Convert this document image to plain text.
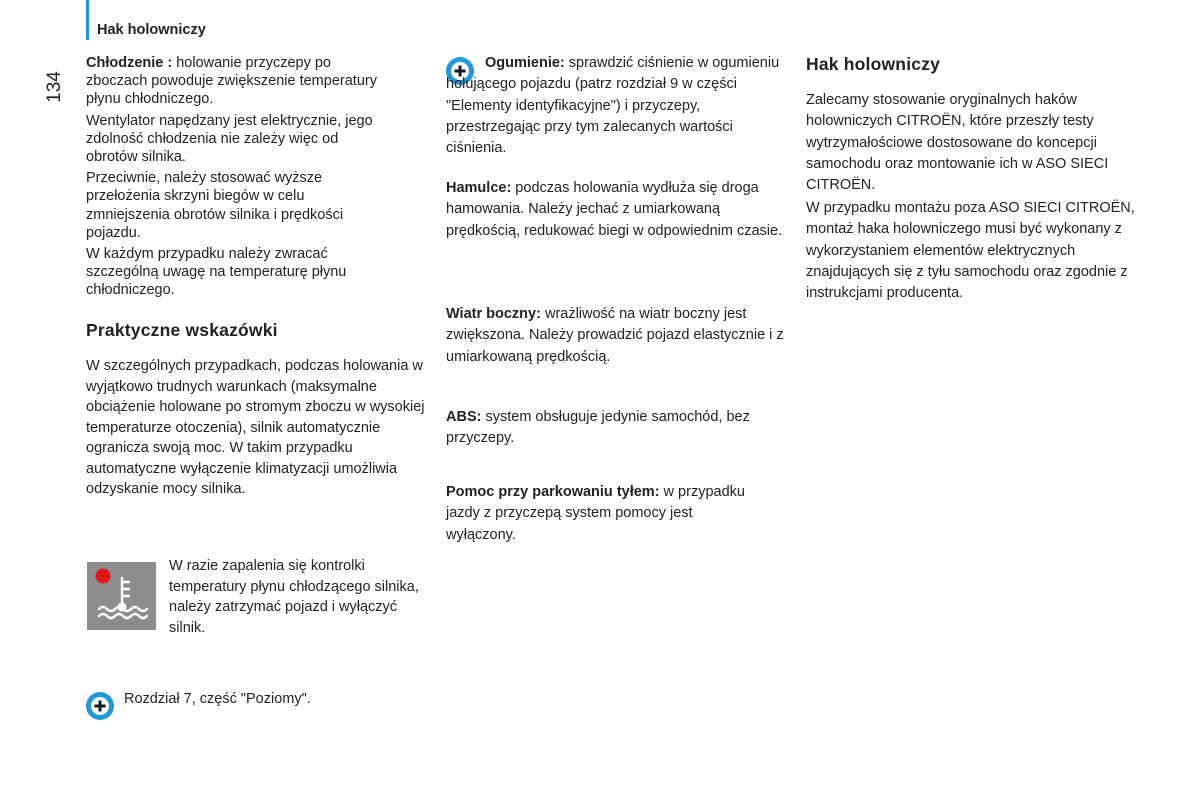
Hak holowniczy
134

Chłodzenie : holowanie przyczepy po zboczach powoduje zwiększenie temperatury płynu chłodniczego.

Wentylator napędzany jest elektrycznie, jego zdolność chłodzenia nie zależy więc od obrotów silnika.

Przeciwnie, należy stosować wyższe przełożenia skrzyni biegów w celu zmniejszenia obrotów silnika i prędkości pojazdu.

W każdym przypadku należy zwracać szczególną uwagę na temperaturę płynu chłodniczego.

Praktyczne wskazówki
W szczególnych przypadkach, podczas holowania w wyjątkowo trudnych warunkach (maksymalne obciążenie holowane po stromym zboczu w wysokiej temperaturze otoczenia), silnik automatycznie ogranicza swoją moc. W takim przypadku automatyczne wyłączenie klimatyzacji umożliwia odzyskanie mocy silnika.
W razie zapalenia się kontrolki temperatury płynu chłodzącego silnika, należy zatrzymać pojazd i wyłączyć silnik.
Rozdział 7, część "Poziomy".
Ogumienie: sprawdzić ciśnienie w ogumieniu holującego pojazdu (patrz rozdział 9 w części "Elementy identyfikacyjne") i przyczepy, przestrzegając przy tym zalecanych wartości ciśnienia.
Hamulce: podczas holowania wydłuża się droga hamowania. Należy jechać z umiarkowaną prędkością, redukować biegi w odpowiednim czasie.
Wiatr boczny: wrażliwość na wiatr boczny jest zwiększona. Należy prowadzić pojazd elastycznie i z umiarkowaną prędkością.
ABS: system obsługuje jedynie samochód, bez przyczepy.
Pomoc przy parkowaniu tyłem: w przypadku jazdy z przyczepą system pomocy jest wyłączony.
Hak holowniczy
Zalecamy stosowanie oryginalnych haków holowniczych CITROËN, które przeszły testy wytrzymałościowe dostosowane do koncepcji samochodu oraz montowanie ich w ASO SIECI CITROËN.
W przypadku montażu poza ASO SIECI CITROËN, montaż haka holowniczego musi być wykonany z wykorzystaniem elementów elektrycznych znajdujących się z tyłu samochodu oraz zgodnie z instrukcjami producenta.
